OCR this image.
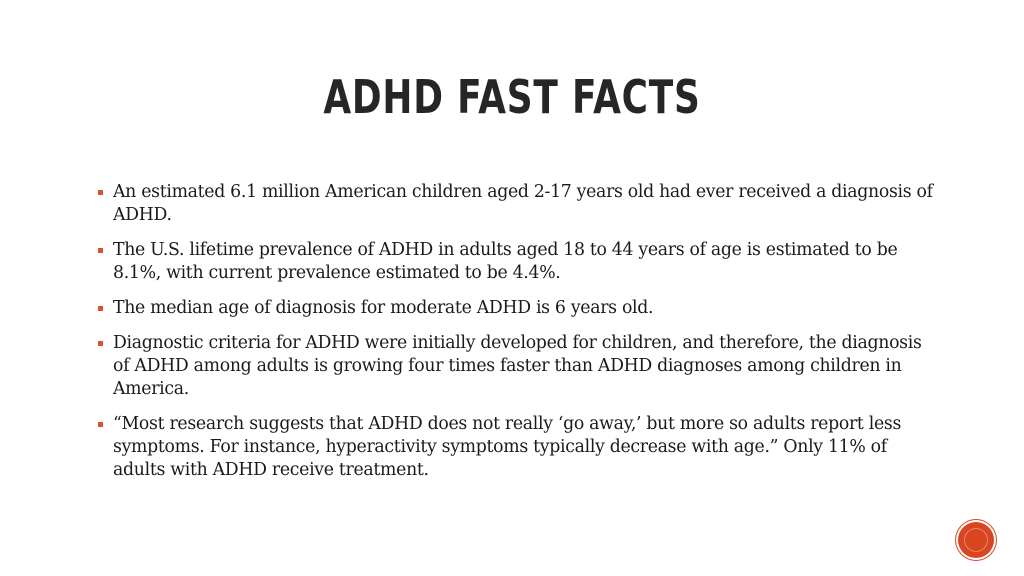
ADHD FAST FACTS
An estimated 6.1 million American children aged 2-17 years old had ever received a diagnosis of ADHD.
The U.S. lifetime prevalence of ADHD in adults aged 18 to 44 years of age is estimated to be 8.1%, with current prevalence estimated to be 4.4%.
The median age of diagnosis for moderate ADHD is 6 years old.
Diagnostic criteria for ADHD were initially developed for children, and therefore, the diagnosis of ADHD among adults is growing four times faster than ADHD diagnoses among children in America.
“Most research suggests that ADHD does not really ‘go away,’ but more so adults report less symptoms. For instance, hyperactivity symptoms typically decrease with age.” Only 11% of adults with ADHD receive treatment.
